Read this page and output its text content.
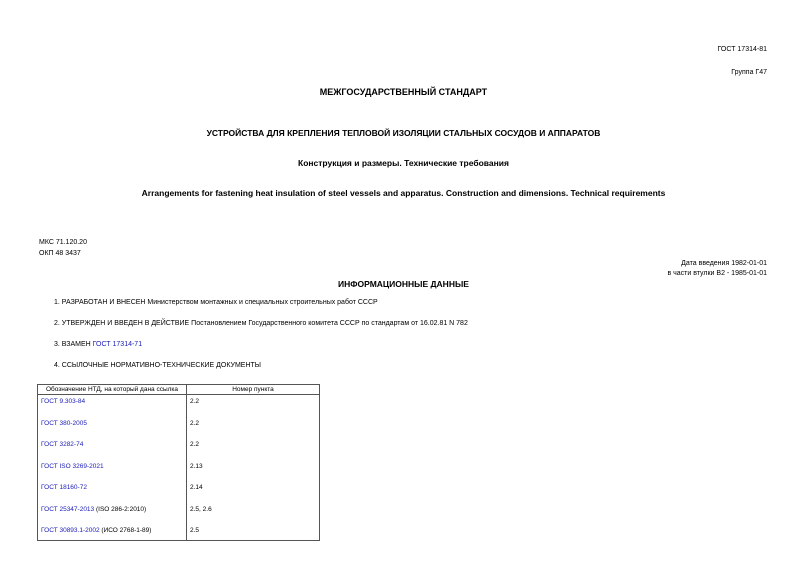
ГОСТ 17314-81
Группа Г47
МЕЖГОСУДАРСТВЕННЫЙ СТАНДАРТ
УСТРОЙСТВА ДЛЯ КРЕПЛЕНИЯ ТЕПЛОВОЙ ИЗОЛЯЦИИ СТАЛЬНЫХ СОСУДОВ И АППАРАТОВ
Конструкция и размеры. Технические требования
Arrangements for fastening heat insulation of steel vessels and apparatus. Construction and dimensions. Technical requirements
МКС 71.120.20
ОКП 48 3437
Дата введения 1982-01-01
в части втулки В2 - 1985-01-01
ИНФОРМАЦИОННЫЕ ДАННЫЕ
1. РАЗРАБОТАН И ВНЕСЕН Министерством монтажных и специальных строительных работ СССР
2. УТВЕРЖДЕН И ВВЕДЕН В ДЕЙСТВИЕ Постановлением Государственного комитета СССР по стандартам от 16.02.81 N 782
3. ВЗАМЕН ГОСТ 17314-71
4. ССЫЛОЧНЫЕ НОРМАТИВНО-ТЕХНИЧЕСКИЕ ДОКУМЕНТЫ
Обозначение НТД, на который дана ссылка	Номер пункта
ГОСТ 9.303-84	2.2
ГОСТ 380-2005	2.2
ГОСТ 3282-74	2.2
ГОСТ ISO 3269-2021	2.13
ГОСТ 18160-72	2.14
ГОСТ 25347-2013 (ISO 286-2:2010)	2.5, 2.6
ГОСТ 30893.1-2002 (ИСО 2768-1-89)	2.5
